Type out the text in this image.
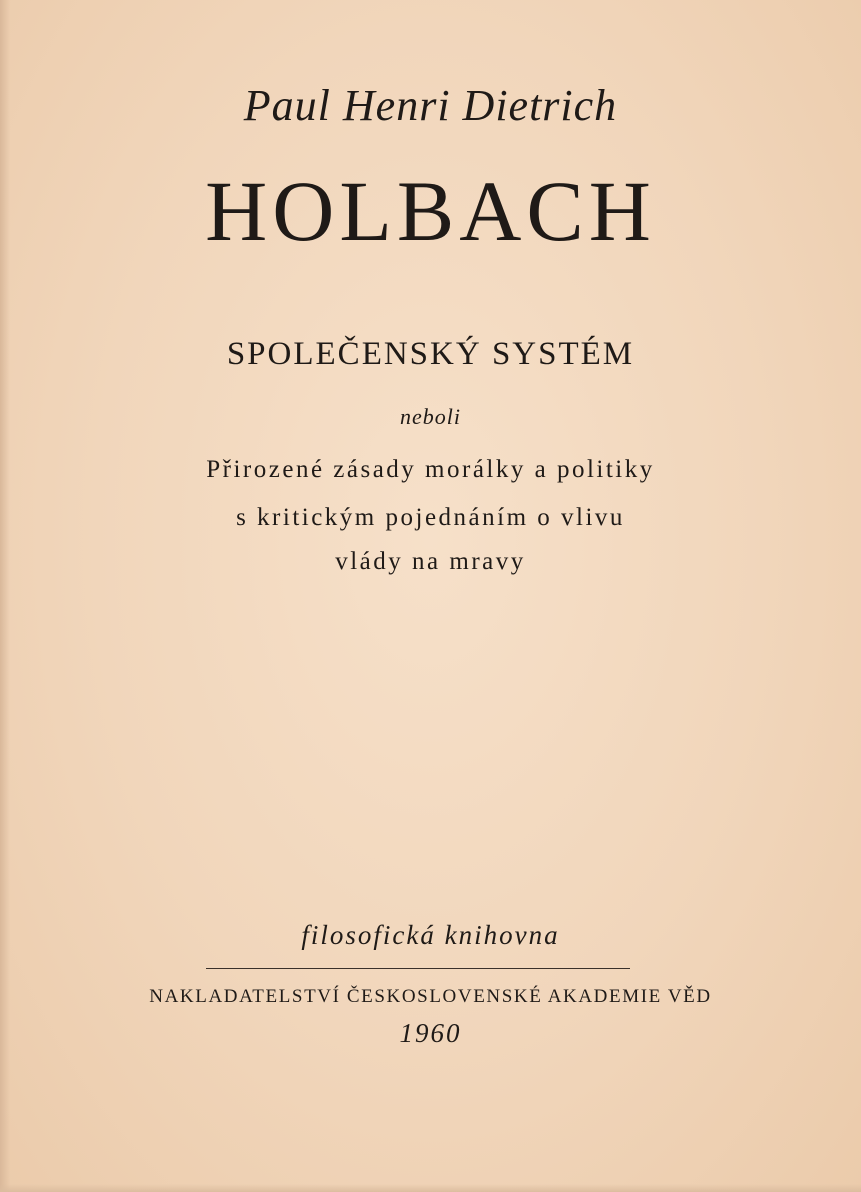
Paul Henri Dietrich
HOLBACH
SPOLEČENSKÝ SYSTÉM
neboli
Přirozené zásady morálky a politiky
s kritickým pojednáním o vlivu
vlády na mravy
filosofická knihovna
NAKLADATELSTVÍ ČESKOSLOVENSKÉ AKADEMIE VĚD
1960
